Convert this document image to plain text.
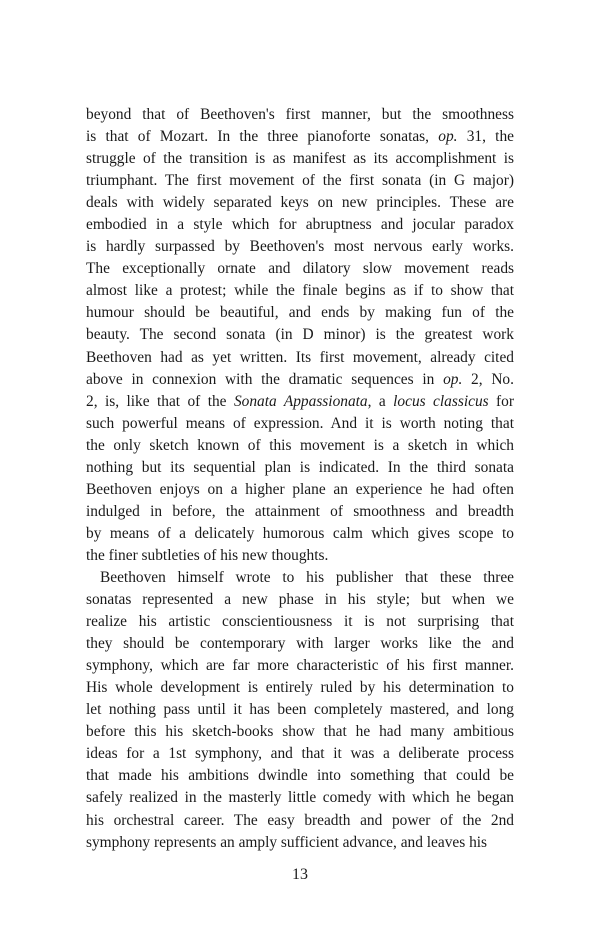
beyond that of Beethoven's first manner, but the smoothness
is that of Mozart. In the three pianoforte sonatas, op. 31, the
struggle of the transition is as manifest as its accomplishment is
triumphant. The first movement of the first sonata (in G major)
deals with widely separated keys on new principles. These are
embodied in a style which for abruptness and jocular paradox
is hardly surpassed by Beethoven's most nervous early works.
The exceptionally ornate and dilatory slow movement reads
almost like a protest; while the finale begins as if to show that
humour should be beautiful, and ends by making fun of the
beauty. The second sonata (in D minor) is the greatest work
Beethoven had as yet written. Its first movement, already cited
above in connexion with the dramatic sequences in op. 2, No.
2, is, like that of the Sonata Appassionata, a locus classicus for
such powerful means of expression. And it is worth noting that
the only sketch known of this movement is a sketch in which
nothing but its sequential plan is indicated. In the third sonata
Beethoven enjoys on a higher plane an experience he had often
indulged in before, the attainment of smoothness and breadth
by means of a delicately humorous calm which gives scope to
the finer subtleties of his new thoughts.
Beethoven himself wrote to his publisher that these three
sonatas represented a new phase in his style; but when we
realize his artistic conscientiousness it is not surprising that
they should be contemporary with larger works like the and
symphony, which are far more characteristic of his first manner.
His whole development is entirely ruled by his determination to
let nothing pass until it has been completely mastered, and long
before this his sketch-books show that he had many ambitious
ideas for a 1st symphony, and that it was a deliberate process
that made his ambitions dwindle into something that could be
safely realized in the masterly little comedy with which he began
his orchestral career. The easy breadth and power of the 2nd
symphony represents an amply sufficient advance, and leaves his
13
